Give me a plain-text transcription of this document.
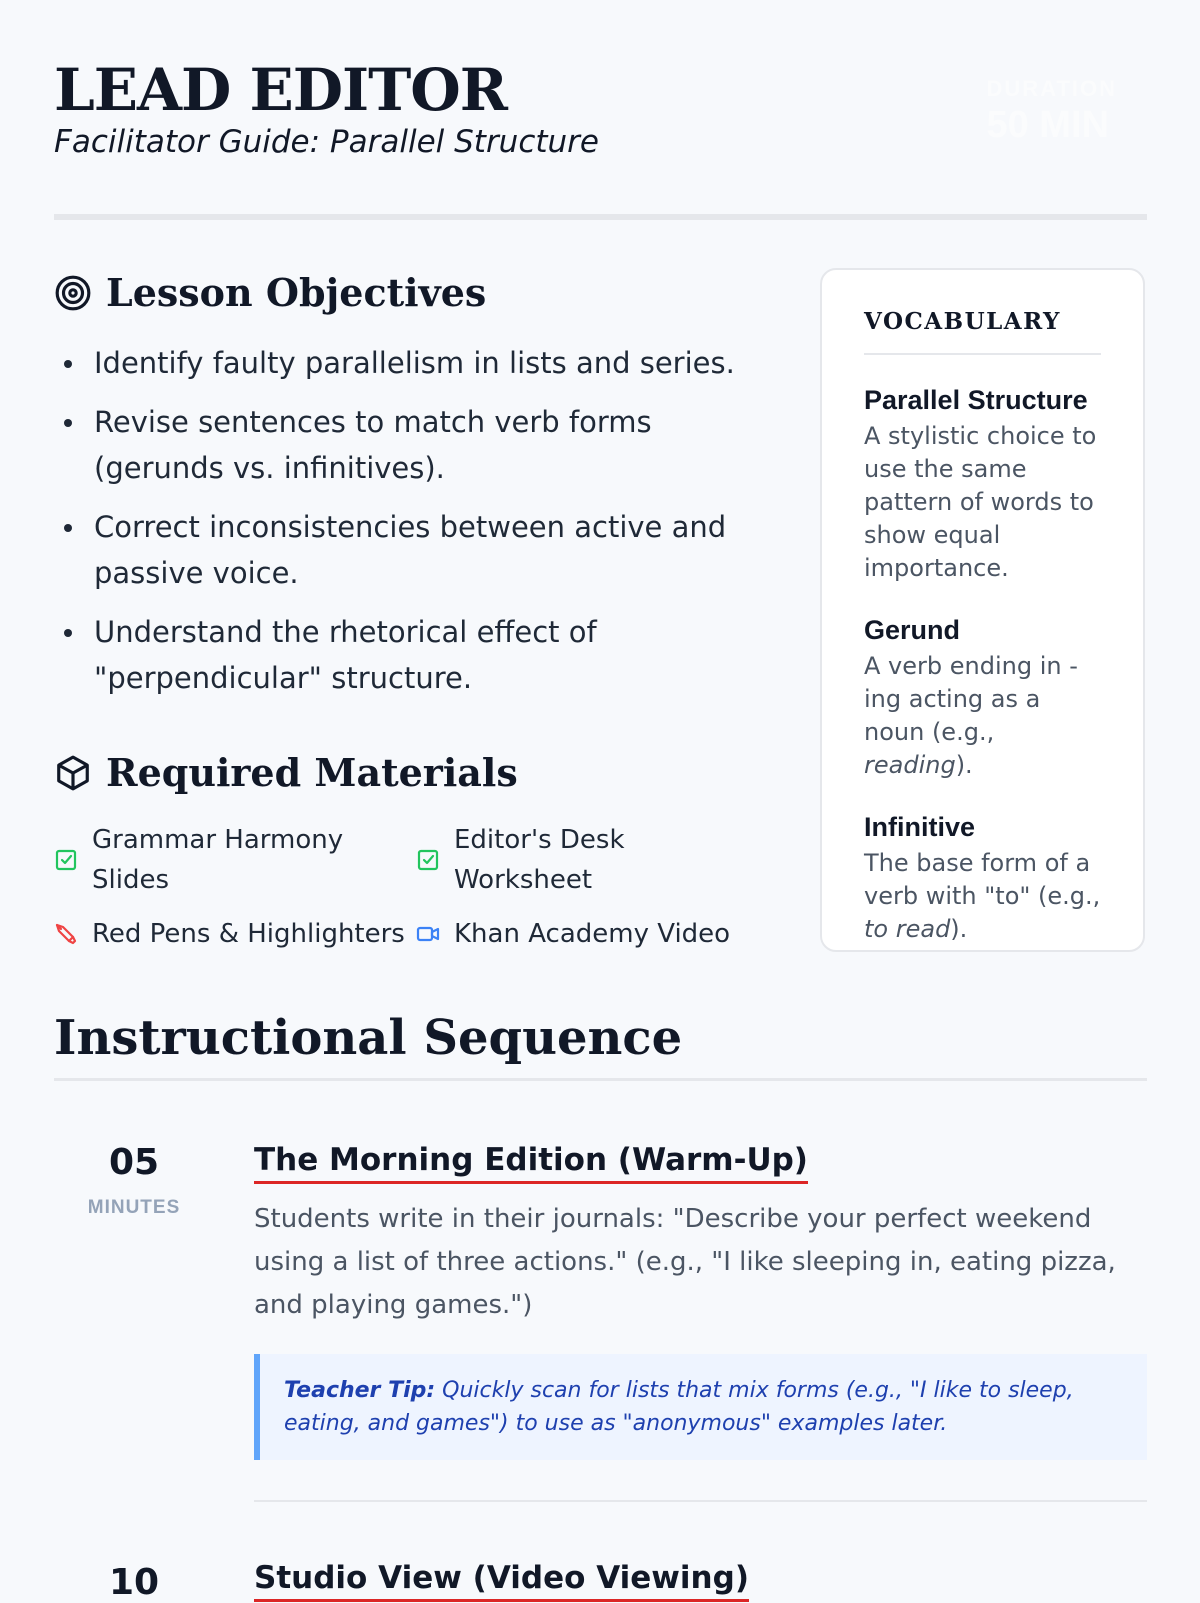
LEAD EDITOR

Facilitator Guide: Parallel Structure

DURATION
50 MIN
Lesson Objectives
Identify faulty parallelism in lists and series.
Revise sentences to match verb forms (gerunds vs. infinitives).
Correct inconsistencies between active and passive voice.
Understand the rhetorical effect of "perpendicular" structure.
Required Materials
Grammar Harmony Slides
Editor's Desk Worksheet
Red Pens & Highlighters Khan Academy Video
VOCABULARY
Parallel Structure
A stylistic choice to use the same pattern of words to show equal importance.
Gerund
A verb ending in -ing acting as a noun (e.g., reading).
Infinitive
The base form of a verb with "to" (e.g., to read).
Instructional Sequence
05
MINUTES
The Morning Edition (Warm-Up)

Students write in their journals: "Describe your perfect weekend using a list of three actions." (e.g., "I like sleeping in, eating pizza, and playing games.")

Teacher Tip: Quickly scan for lists that mix forms (e.g., "I like to sleep, eating, and games") to use as "anonymous" examples later.
10	Studio View (Video Viewing)
